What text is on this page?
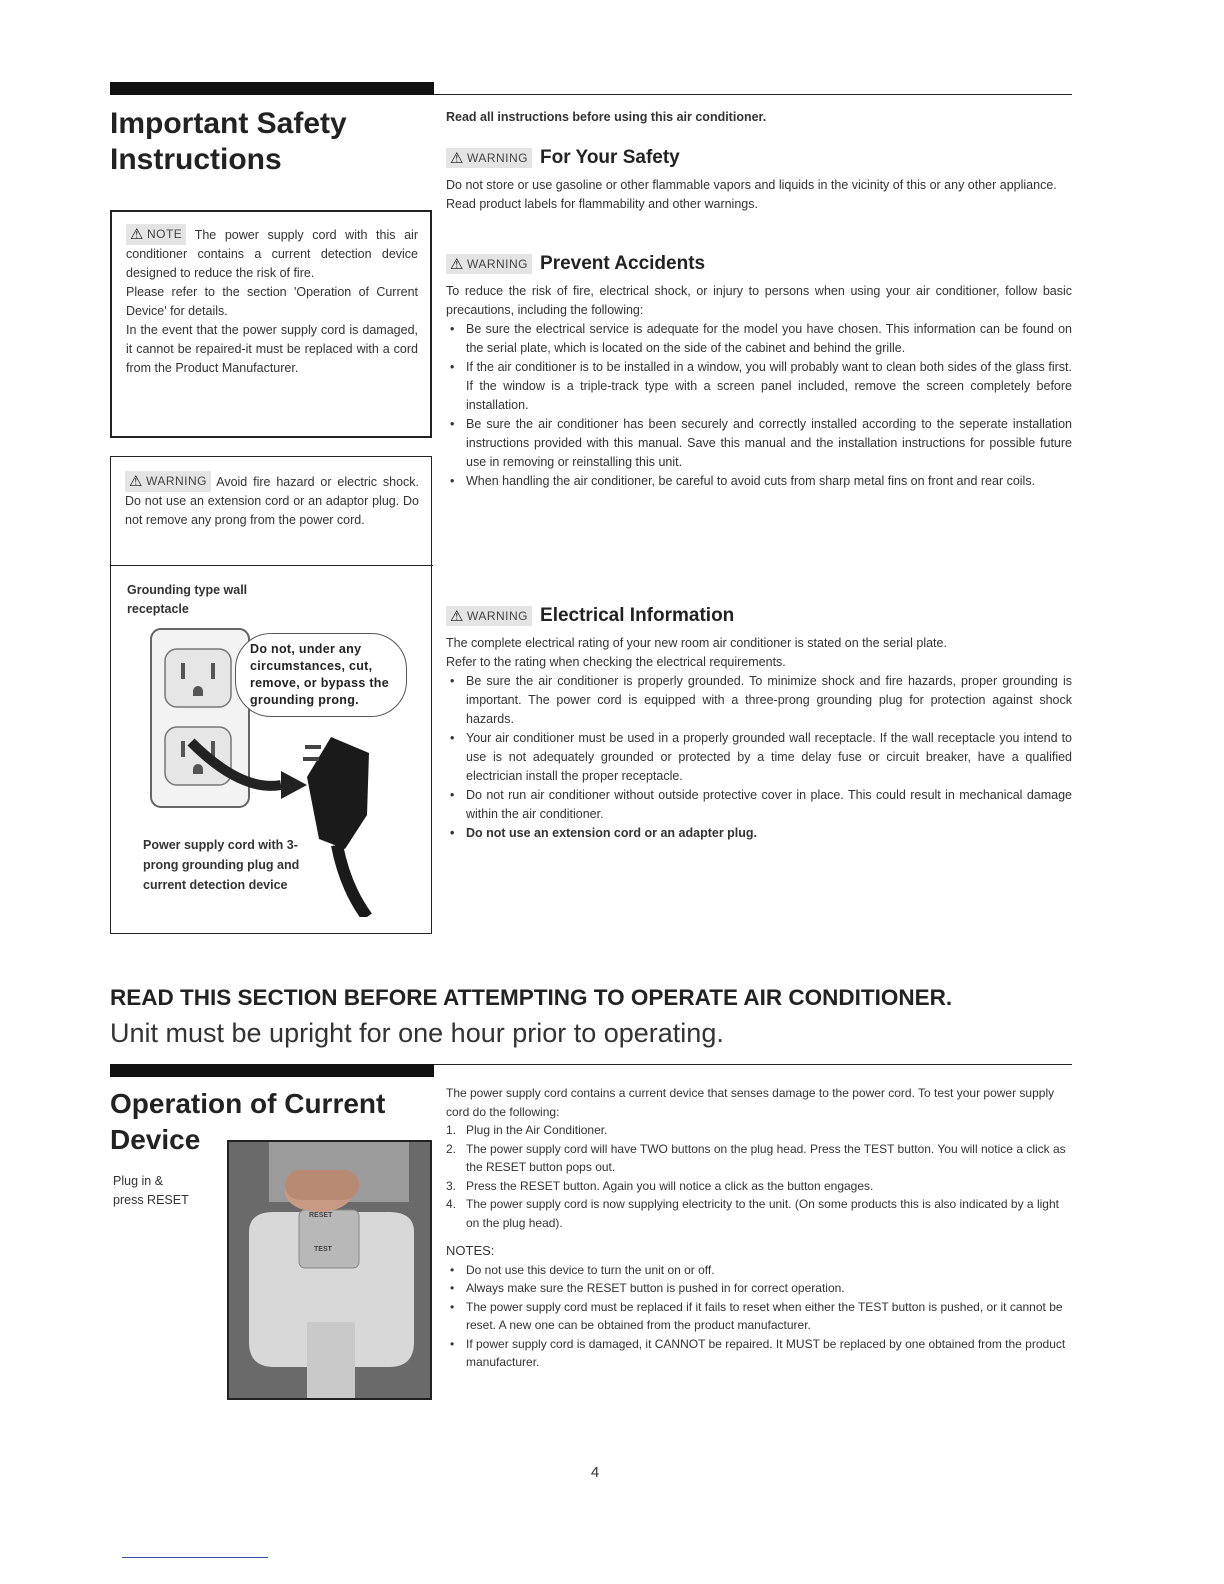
Important Safety
Instructions
⚠ NOTE The power supply cord with this air conditioner contains a current detection device designed to reduce the risk of fire.
Please refer to the section 'Operation of Current Device' for details.
In the event that the power supply cord is damaged, it cannot be repaired-it must be replaced with a cord from the Product Manufacturer.
⚠ WARNING Avoid fire hazard or electric shock. Do not use an extension cord or an adaptor plug. Do not remove any prong from the power cord.
Grounding type wall receptacle
Do not, under any circumstances, cut, remove, or bypass the grounding prong.
Power supply cord with 3-prong grounding plug and current detection device
Read all instructions before using this air conditioner.
⚠ WARNING For Your Safety
Do not store or use gasoline or other flammable vapors and liquids in the vicinity of this or any other appliance. Read product labels for flammability and other warnings.
⚠ WARNING Prevent Accidents
To reduce the risk of fire, electrical shock, or injury to persons when using your air conditioner, follow basic precautions, including the following:
• Be sure the electrical service is adequate for the model you have chosen. This information can be found on the serial plate, which is located on the side of the cabinet and behind the grille.
• If the air conditioner is to be installed in a window, you will probably want to clean both sides of the glass first. If the window is a triple-track type with a screen panel included, remove the screen completely before installation.
• Be sure the air conditioner has been securely and correctly installed according to the seperate installation instructions provided with this manual. Save this manual and the installation instructions for possible future use in removing or reinstalling this unit.
• When handling the air conditioner, be careful to avoid cuts from sharp metal fins on front and rear coils.
⚠ WARNING Electrical Information
The complete electrical rating of your new room air conditioner is stated on the serial plate.
Refer to the rating when checking the electrical requirements.
• Be sure the air conditioner is properly grounded. To minimize shock and fire hazards, proper grounding is important. The power cord is equipped with a three-prong grounding plug for protection against shock hazards.
• Your air conditioner must be used in a properly grounded wall receptacle. If the wall receptacle you intend to use is not adequately grounded or protected by a time delay fuse or circuit breaker, have a qualified electrician install the proper receptacle.
• Do not run air conditioner without outside protective cover in place. This could result in mechanical damage within the air conditioner.
• Do not use an extension cord or an adapter plug.
READ THIS SECTION BEFORE ATTEMPTING TO OPERATE AIR CONDITIONER.
Unit must be upright for one hour prior to operating.
Operation of Current
Device
Plug in &
press RESET
RESET
TEST
The power supply cord contains a current device that senses damage to the power cord. To test your power supply cord do the following:
1. Plug in the Air Conditioner.
2. The power supply cord will have TWO buttons on the plug head. Press the TEST button. You will notice a click as the RESET button pops out.
3. Press the RESET button. Again you will notice a click as the button engages.
4. The power supply cord is now supplying electricity to the unit. (On some products this is also indicated by a light on the plug head).
NOTES:
• Do not use this device to turn the unit on or off.
• Always make sure the RESET button is pushed in for correct operation.
• The power supply cord must be replaced if it fails to reset when either the TEST button is pushed, or it cannot be reset. A new one can be obtained from the product manufacturer.
• If power supply cord is damaged, it CANNOT be repaired. It MUST be replaced by one obtained from the product manufacturer.
4
